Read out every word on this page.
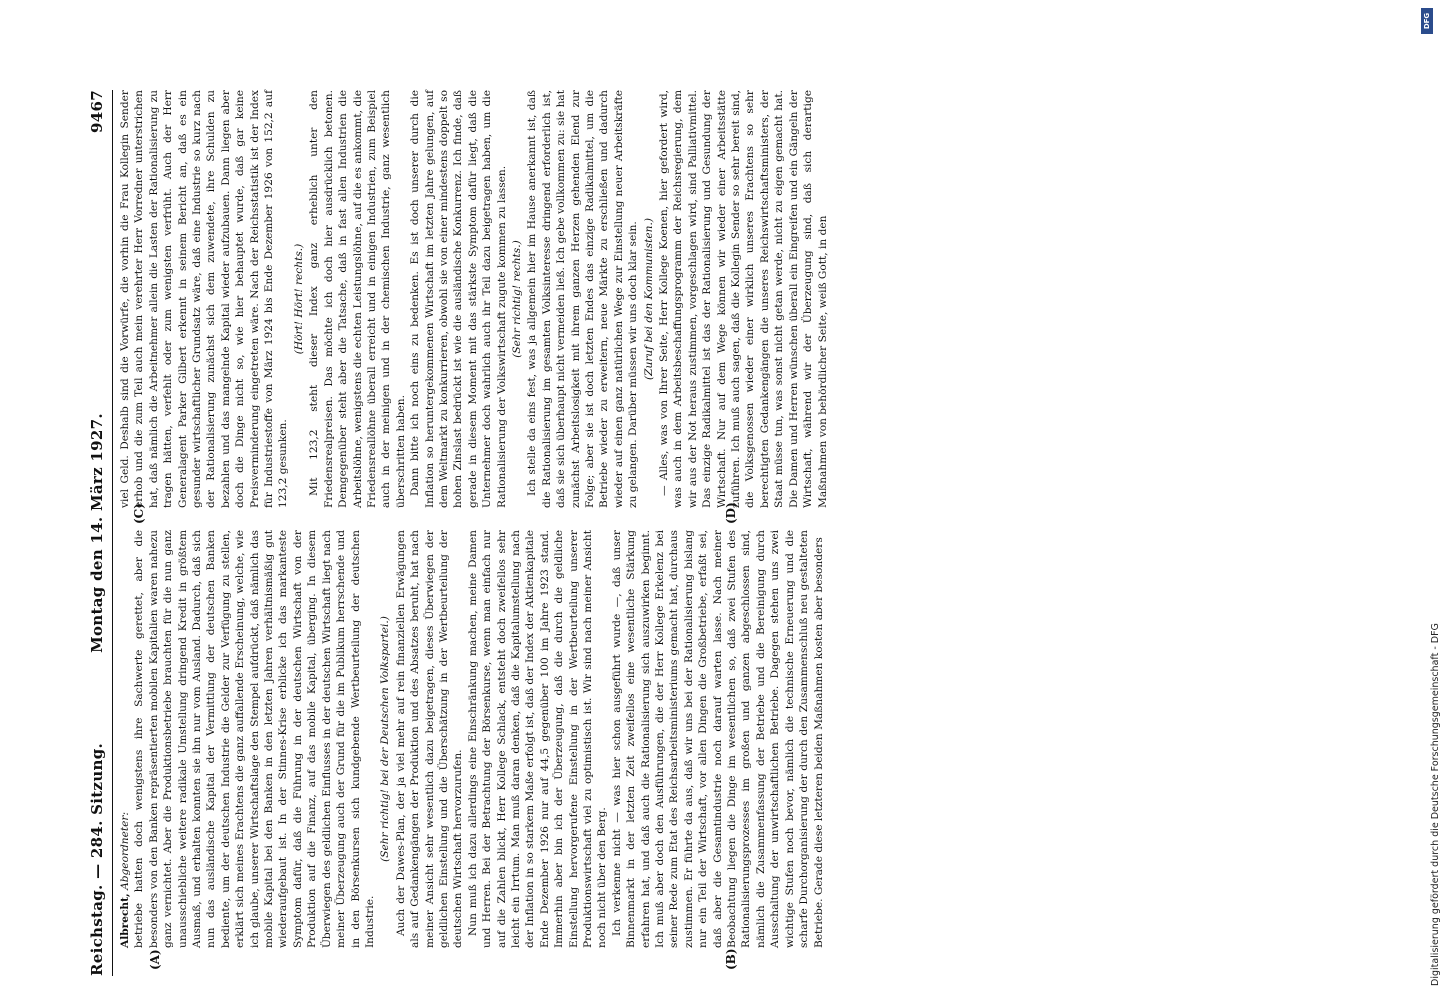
Reichstag. — 284. Sitzung.
Montag den 14. März 1927.
9467
(A)	(B)
(C)	(D)

Albrecht, Abgeordneter: betriebe hatten doch wenigstens ihre Sachwerte gerettet, aber die besonders von den Banken repräsentierten mobilen Kapitalien waren nahezu ganz vernichtet. Aber die Produktionsbetriebe brauchten für die nun ganz unausschiebliche weitere radikale Umstellung dringend Kredit in größtem Ausmaß, und erhalten konnten sie ihn nur vom Ausland. Dadurch, daß sich nun das ausländische Kapital der Vermittlung der deutschen Banken bediente, um der deutschen Industrie die Gelder zur Verfügung zu stellen, erklärt sich meines Erachtens die ganz auffallende Erscheinung, welche, wie ich glaube, unserer Wirtschaftslage den Stempel aufdrückt, daß nämlich das mobile Kapital bei den Banken in den letzten Jahren verhältnismäßig gut wiederaufgebaut ist. In der Stinnes-Krise erblicke ich das markanteste Symptom dafür, daß die Führung in der deutschen Wirtschaft von der Produktion auf die Finanz, auf das mobile Kapital, überging. In diesem Überwiegen des geldlichen Einflusses in der deutschen Wirtschaft liegt nach meiner Überzeugung auch der Grund für die im Publikum herrschende und in den Börsenkursen sich kundgebende Wertbeurteilung der deutschen Industrie.

(Sehr richtig! bei der Deutschen Volkspartei.) Auch der Dawes-Plan, der ja viel mehr auf rein finanziellen Erwägungen als auf Gedankengängen der Produktion und des Absatzes beruht, hat nach meiner Ansicht sehr wesentlich dazu beigetragen, dieses Überwiegen der geldlichen Einstellung und die Überschätzung in der Wertbeurteilung der deutschen Wirtschaft hervorzurufen. Nun muß ich dazu allerdings eine Einschränkung machen, meine Damen und Herren. Bei der Betrachtung der Börsenkurse, wenn man einfach nur auf die Zahlen blickt, Herr Kollege Schlack, entsteht doch zweifellos sehr leicht ein Irrtum. Man muß daran denken, daß die Kapitalumstellung nach der Inflation in so starkem Maße erfolgt ist, daß der Index der Aktienkapitale Ende Dezember 1926 nur auf 44,5 gegenüber 100 im Jahre 1923 stand. Immerhin aber bin ich der Überzeugung, daß die durch die geldliche Einstellung hervorgerufene Einstellung in der Wertbeurteilung unserer Produktionswirtschaft viel zu optimistisch ist. Wir sind nach meiner Ansicht noch nicht über den Berg. Ich verkenne nicht — was hier schon ausgeführt wurde —, daß unser Binnenmarkt in der letzten Zeit zweifellos eine wesentliche Stärkung erfahren hat, und daß auch die Rationalisierung sich auszuwirken beginnt. Ich muß aber doch den Ausführungen, die der Herr Kollege Erkelenz bei seiner Rede zum Etat des Reichsarbeitsministeriums gemacht hat, durchaus zustimmen. Er führte da aus, daß wir uns bei der Rationalisierung bislang nur ein Teil der Wirtschaft, vor allen Dingen die Großbetriebe, erfaßt sei, daß aber die Gesamtindustrie noch darauf warten lasse. Nach meiner Beobachtung liegen die Dinge im wesentlichen so, daß zwei Stufen des Rationalisierungsprozesses im großen und ganzen abgeschlossen sind, nämlich die Zusammenfassung der Betriebe und die Bereinigung durch Ausschaltung der unwirtschaftlichen Betriebe. Dagegen stehen uns zwei wichtige Stufen noch bevor, nämlich die technische Erneuerung und die scharfe Durchorganisierung der durch den Zusammenschluß neu gestalteten Betriebe. Gerade diese letzteren beiden Maßnahmen kosten aber besonders

viel Geld. Deshalb sind die Vorwürfe, die vorhin die Frau Kollegin Sender erhob und die zum Teil auch mein verehrter Herr Vorredner unterstrichen hat, daß nämlich die Arbeitnehmer allein die Lasten der Rationalisierung zu tragen hätten, verfehlt oder zum wenigsten verfrüht. Auch der Herr Generalagent Parker Gilbert erkennt in seinem Bericht an, daß es ein gesunder wirtschaftlicher Grundsatz wäre, daß eine Industrie so kurz nach der Rationalisierung zunächst sich dem zuwendete, ihre Schulden zu bezahlen und das mangelnde Kapital wieder aufzubauen. Dann liegen aber doch die Dinge nicht so, wie hier behauptet wurde, daß gar keine Preisverminderung eingetreten wäre. Nach der Reichsstatistik ist der Index für Industriestoffe von März 1924 bis Ende Dezember 1926 von 152,2 auf 123,2 gesunken.

(Hört! Hört! rechts.) Mit 123,2 steht dieser Index ganz erheblich unter den Friedensrealpreisen. Das möchte ich doch hier ausdrücklich betonen. Demgegenüber steht aber die Tatsache, daß in fast allen Industrien die Arbeitslöhne, wenigstens die echten Leistungslöhne, auf die es ankommt, die Friedensreallöhne überall erreicht und in einigen Industrien, zum Beispiel auch in der meinigen und in der chemischen Industrie, ganz wesentlich überschritten haben. Dann bitte ich noch eins zu bedenken. Es ist doch unserer durch die Inflation so heruntergekommenen Wirtschaft im letzten Jahre gelungen, auf dem Weltmarkt zu konkurrieren, obwohl sie von einer mindestens doppelt so hohen Zinslast bedrückt ist wie die ausländische Konkurrenz. Ich finde, daß gerade in diesem Moment mit das stärkste Symptom dafür liegt, daß die Unternehmer doch wahrlich auch ihr Teil dazu beigetragen haben, um die Rationalisierung der Volkswirtschaft zugute kommen zu lassen. (Sehr richtig! rechts.) Ich stelle da eins fest, was ja allgemein hier im Hause anerkannt ist, daß die Rationalisierung im gesamten Volksinteresse dringend erforderlich ist, daß sie sich überhaupt nicht vermeiden ließ. Ich gebe vollkommen zu: sie hat zunächst Arbeitslosigkeit mit ihrem ganzen Herzen gehenden Elend zur Folge; aber sie ist doch letzten Endes das einzige Radikalmittel, um die Betriebe wieder zu erweitern, neue Märkte zu erschließen und dadurch wieder auf einen ganz natürlichen Wege zur Einstellung neuer Arbeitskräfte zu gelangen. Darüber müssen wir uns doch klar sein. (Zuruf bei den Kommunisten.) — Alles, was von Ihrer Seite, Herr Kollege Koenen, hier gefordert wird, was auch in dem Arbeitsbeschaffungsprogramm der Reichsregierung, dem wir aus der Not heraus zustimmen, vorgeschlagen wird, sind Palliativmittel. Das einzige Radikalmittel ist das der Rationalisierung und Gesundung der Wirtschaft. Nur auf dem Wege können wir wieder einer Arbeitsstätte zuführen. Ich muß auch sagen, daß die Kollegin Sender so sehr bereit sind, die Volksgenossen wieder einer wirklich unseres Erachtens so sehr berechtigten Gedankengängen die unseres Reichswirtschaftsministers, der Staat müsse tun, was sonst nicht getan werde, nicht zu eigen gemacht hat. Die Damen und Herren wünschen überall ein Eingreifen und ein Gängeln der Wirtschaft, während wir der Überzeugung sind, daß sich derartige Maßnahmen von behördlicher Seite, weiß Gott, in den

Digitalisierung gefördert durch die Deutsche Forschungsgemeinschaft - DFG
DFG
